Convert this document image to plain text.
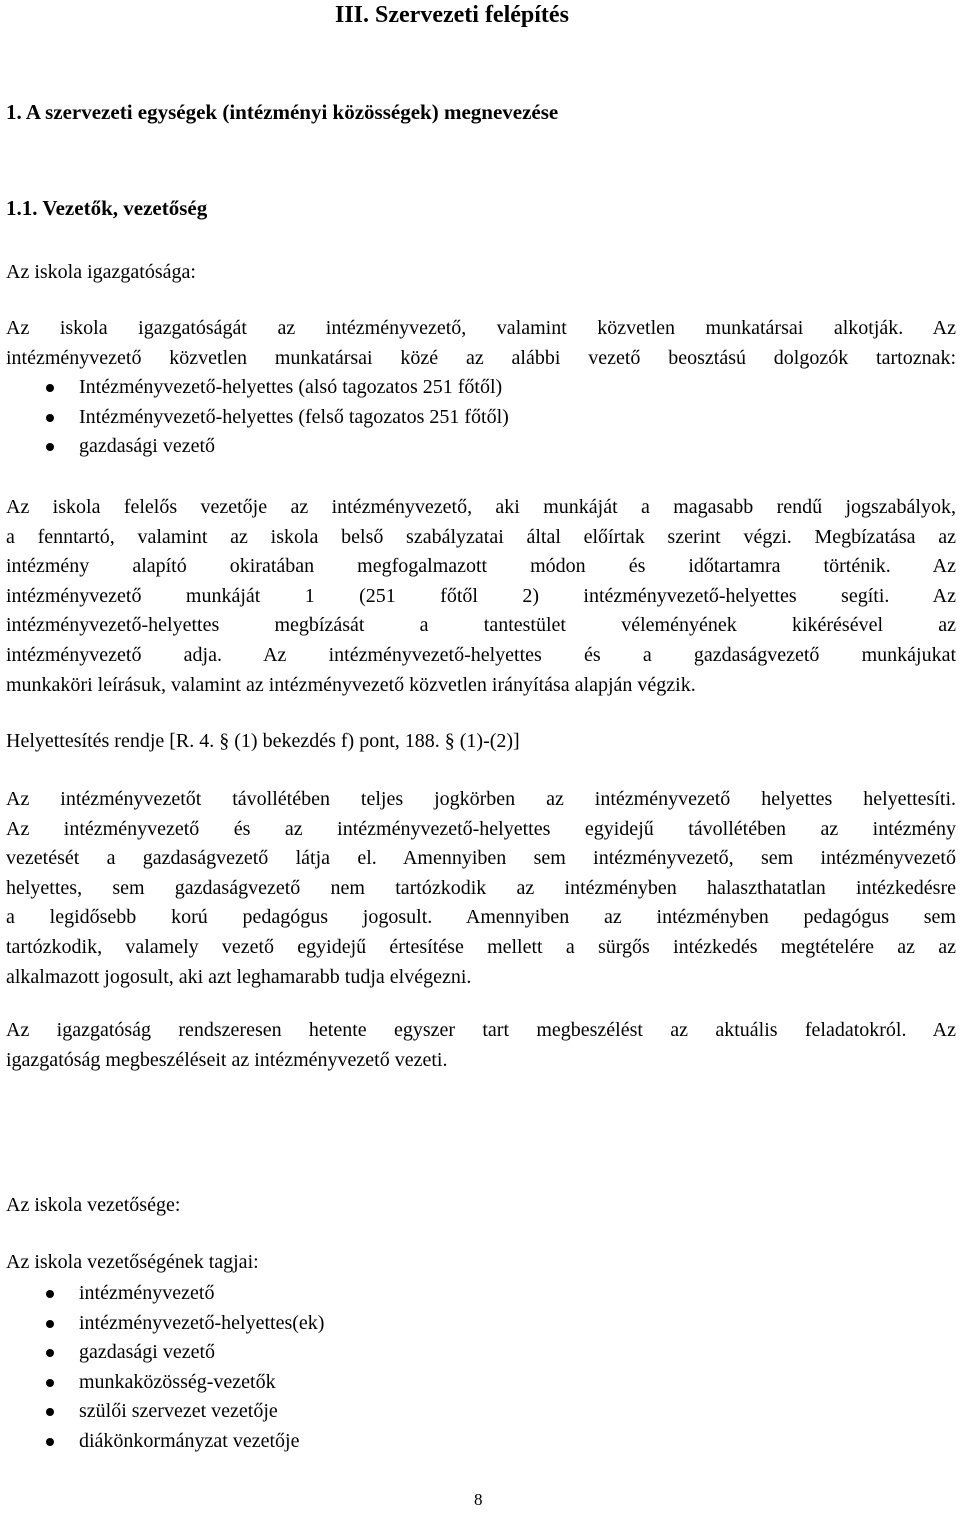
III. Szervezeti felépítés
1. A szervezeti egységek (intézményi közösségek) megnevezése
1.1. Vezetők, vezetőség
Az iskola igazgatósága:
Az iskola igazgatóságát az intézményvezető, valamint közvetlen munkatársai alkotják. Az
intézményvezető közvetlen munkatársai közé az alábbi vezető beosztású dolgozók tartoznak:
Intézményvezető-helyettes (alsó tagozatos 251 főtől)
Intézményvezető-helyettes (felső tagozatos 251 főtől)
gazdasági vezető
Az iskola felelős vezetője az intézményvezető, aki munkáját a magasabb rendű jogszabályok,
a fenntartó, valamint az iskola belső szabályzatai által előírtak szerint végzi. Megbízatása az
intézmény alapító okiratában megfogalmazott módon és időtartamra történik. Az
intézményvezető munkáját 1 (251 főtől 2) intézményvezető-helyettes segíti. Az
intézményvezető-helyettes megbízását a tantestület véleményének kikérésével az
intézményvezető adja. Az intézményvezető-helyettes és a gazdaságvezető munkájukat
munkaköri leírásuk, valamint az intézményvezető közvetlen irányítása alapján végzik.
Helyettesítés rendje [R. 4. § (1) bekezdés f) pont, 188. § (1)-(2)]
Az intézményvezetőt távollétében teljes jogkörben az intézményvezető helyettes helyettesíti.
Az intézményvezető és az intézményvezető-helyettes egyidejű távollétében az intézmény
vezetését a gazdaságvezető látja el. Amennyiben sem intézményvezető, sem intézményvezető
helyettes, sem gazdaságvezető nem tartózkodik az intézményben halaszthatatlan intézkedésre
a legidősebb korú pedagógus jogosult. Amennyiben az intézményben pedagógus sem
tartózkodik, valamely vezető egyidejű értesítése mellett a sürgős intézkedés megtételére az az
alkalmazott jogosult, aki azt leghamarabb tudja elvégezni.
Az igazgatóság rendszeresen hetente egyszer tart megbeszélést az aktuális feladatokról. Az
igazgatóság megbeszéléseit az intézményvezető vezeti.
Az iskola vezetősége:
Az iskola vezetőségének tagjai:
intézményvezető
intézményvezető-helyettes(ek)
gazdasági vezető
munkaközösség-vezetők
szülői szervezet vezetője
diákönkormányzat vezetője
8
